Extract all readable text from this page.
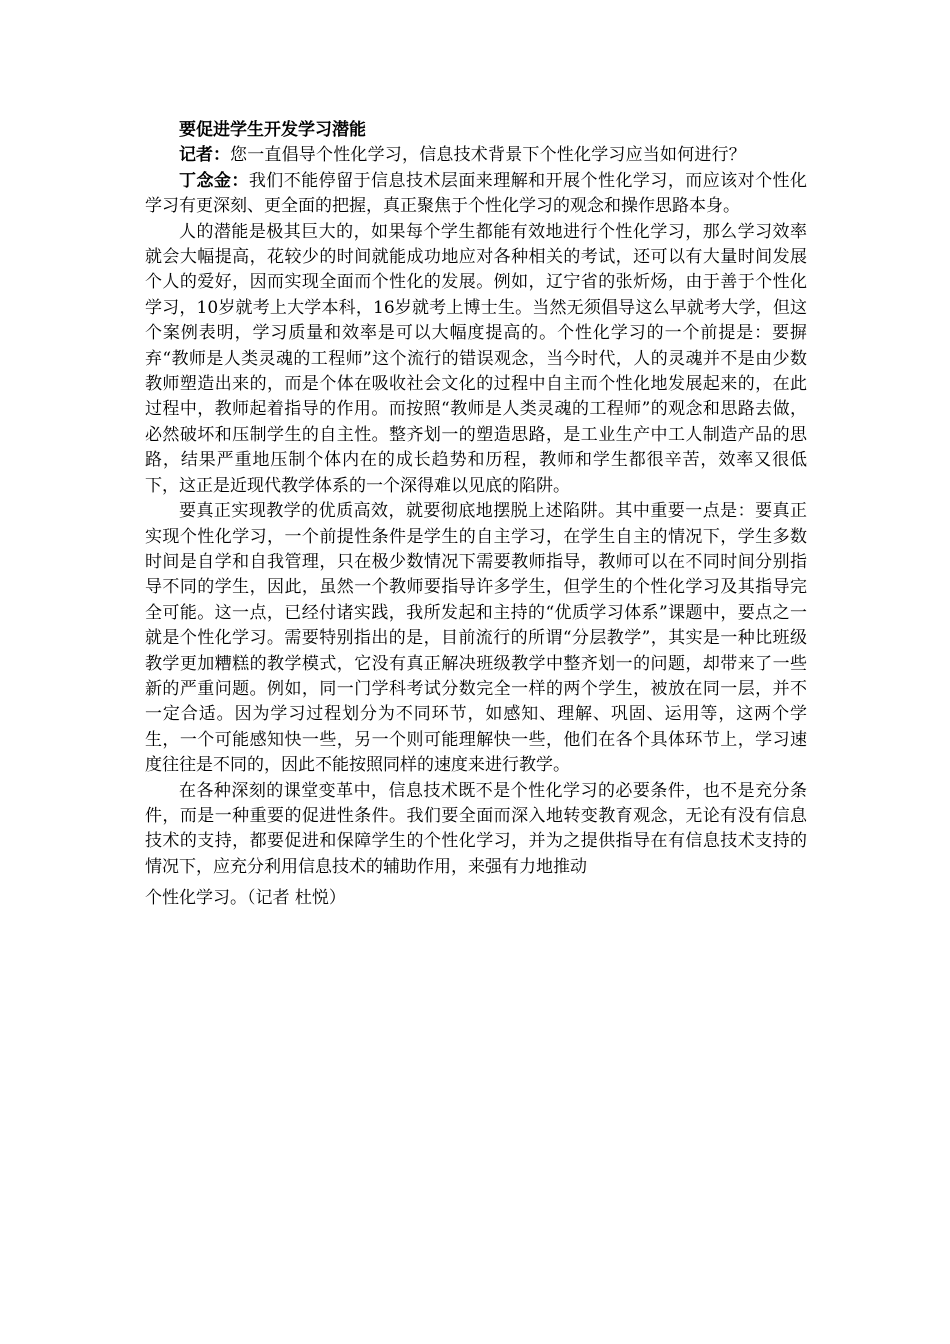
要促进学生开发学习潜能

记者：您一直倡导个性化学习，信息技术背景下个性化学习应当如何进行？

丁念金：我们不能停留于信息技术层面来理解和开展个性化学习，而应该对个性化学习有更深刻、更全面的把握，真正聚焦于个性化学习的观念和操作思路本身。

人的潜能是极其巨大的，如果每个学生都能有效地进行个性化学习，那么学习效率就会大幅提高，花较少的时间就能成功地应对各种相关的考试，还可以有大量时间发展个人的爱好，因而实现全面而个性化的发展。例如，辽宁省的张炘炀，由于善于个性化学习，10岁就考上大学本科，16岁就考上博士生。当然无须倡导这么早就考大学，但这个案例表明，学习质量和效率是可以大幅度提高的。个性化学习的一个前提是：要摒弃“教师是人类灵魂的工程师”这个流行的错误观念，当今时代，人的灵魂并不是由少数教师塑造出来的，而是个体在吸收社会文化的过程中自主而个性化地发展起来的，在此过程中，教师起着指导的作用。而按照“教师是人类灵魂的工程师”的观念和思路去做，必然破坏和压制学生的自主性。整齐划一的塑造思路，是工业生产中工人制造产品的思路，结果严重地压制个体内在的成长趋势和历程，教师和学生都很辛苦，效率又很低下，这正是近现代教学体系的一个深得难以见底的陷阱。

要真正实现教学的优质高效，就要彻底地摆脱上述陷阱。其中重要一点是：要真正实现个性化学习，一个前提性条件是学生的自主学习，在学生自主的情况下，学生多数时间是自学和自我管理，只在极少数情况下需要教师指导，教师可以在不同时间分别指导不同的学生，因此，虽然一个教师要指导许多学生，但学生的个性化学习及其指导完全可能。这一点，已经付诸实践，我所发起和主持的“优质学习体系”课题中，要点之一就是个性化学习。需要特别指出的是，目前流行的所谓“分层教学”，其实是一种比班级教学更加糟糕的教学模式，它没有真正解决班级教学中整齐划一的问题，却带来了一些新的严重问题。例如，同一门学科考试分数完全一样的两个学生，被放在同一层，并不一定合适。因为学习过程划分为不同环节，如感知、理解、巩固、运用等，这两个学生，一个可能感知快一些，另一个则可能理解快一些，他们在各个具体环节上，学习速度往往是不同的，因此不能按照同样的速度来进行教学。

在各种深刻的课堂变革中，信息技术既不是个性化学习的必要条件，也不是充分条件，而是一种重要的促进性条件。我们要全面而深入地转变教育观念，无论有没有信息技术的支持，都要促进和保障学生的个性化学习，并为之提供指导在有信息技术支持的情况下，应充分利用信息技术的辅助作用，来强有力地推动

个性化学习。（记者 杜悦）
